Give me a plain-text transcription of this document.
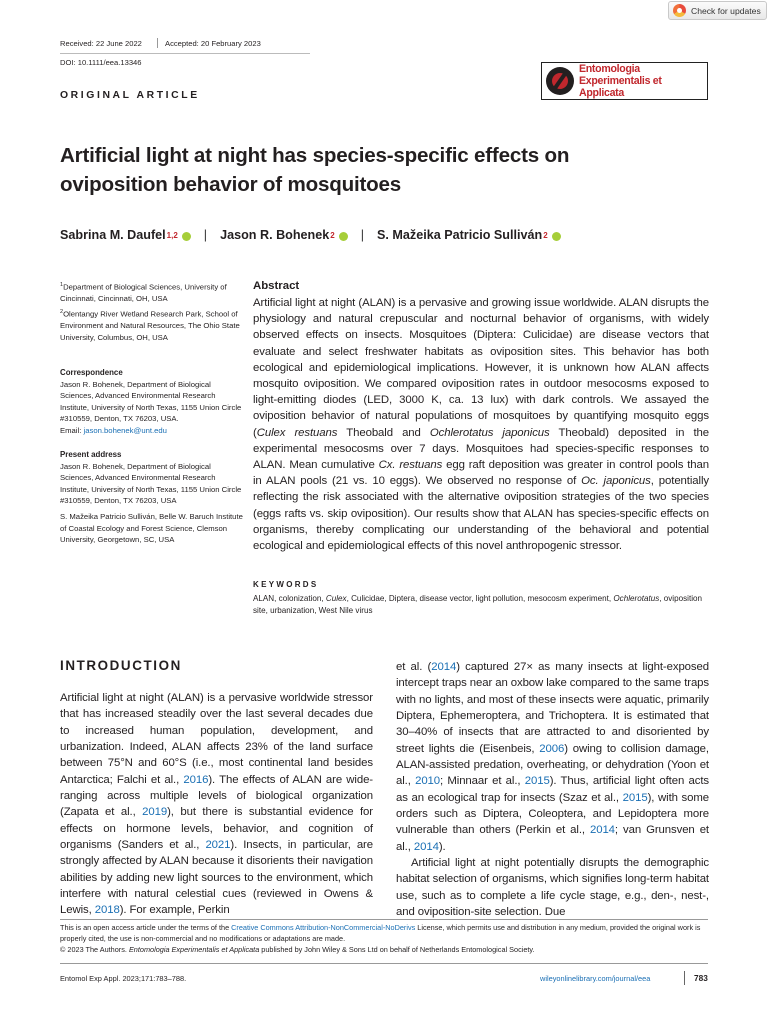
Check for updates
Received: 22 June 2022	Accepted: 20 February 2023
DOI: 10.1111/eea.13346
ORIGINAL ARTICLE
Entomologia
Experimentalis et Applicata
Artificial light at night has species-specific effects on oviposition behavior of mosquitoes
Sabrina M. Daufel 1,2 | Jason R. Bohenek 2 | S. Mažeika Patricio Sulliván 2
$^1$Department of Biological Sciences, University of Cincinnati, Cincinnati, OH, USA
$^2$Olentangy River Wetland Research Park, School of Environment and Natural Resources, The Ohio State University, Columbus, OH, USA
Correspondence
Jason R. Bohenek, Department of Biological Sciences, Advanced Environmental Research Institute, University of North Texas, 1155 Union Circle #310559, Denton, TX 76203, USA.
Email: jason.bohenek@unt.edu
Present address
Jason R. Bohenek, Department of Biological Sciences, Advanced Environmental Research Institute, University of North Texas, 1155 Union Circle #310559, Denton, TX 76203, USA
S. Mažeika Patricio Sulliván, Belle W. Baruch Institute of Coastal Ecology and Forest Science, Clemson University, Georgetown, SC, USA
Abstract
Artificial light at night (ALAN) is a pervasive and growing issue worldwide. ALAN disrupts the physiology and natural crepuscular and nocturnal behavior of organisms, with widely observed effects on insects. Mosquitoes (Diptera: Culicidae) are disease vectors that evaluate and select freshwater habitats as oviposition sites. This behavior has both ecological and epidemiological implications. However, it is unknown how ALAN affects mosquito oviposition. We compared oviposition rates in outdoor mesocosms exposed to light-emitting diodes (LED, 3000 K, ca. 13 lux) with dark controls. We assayed the oviposition behavior of natural populations of mosquitoes by quantifying mosquito eggs (Culex restuans Theobald and Ochlerotatus japonicus Theobald) deposited in the experimental mesocosms over 7 days. Mosquitoes had species-specific responses to ALAN. Mean cumulative Cx. restuans egg raft deposition was greater in control pools than in ALAN pools (21 vs. 10 eggs). We observed no response of Oc. japonicus, potentially reflecting the risk associated with the alternative oviposition strategies of the two species (eggs rafts vs. skip oviposition). Our results show that ALAN has species-specific effects on organisms, thereby complicating our understanding of the behavioral and potential ecological and epidemiological effects of this novel anthropogenic stressor.
KEYWORDS
ALAN, colonization, Culex, Culicidae, Diptera, disease vector, light pollution, mesocosm experiment, Ochlerotatus, oviposition site, urbanization, West Nile virus
INTRODUCTION

Artificial light at night (ALAN) is a pervasive worldwide stressor that has increased steadily over the last several decades due to increased human population, development, and urbanization. Indeed, ALAN affects 23% of the land surface between 75°N and 60°S (i.e., most continental land besides Antarctica; Falchi et al., 2016). The effects of ALAN are wide-ranging across multiple levels of biological organization (Zapata et al., 2019), but there is substantial evidence for effects on hormone levels, behavior, and cognition of organisms (Sanders et al., 2021). Insects, in particular, are strongly affected by ALAN because it disorients their navigation abilities by adding new light sources to the environment, which interfere with natural celestial cues (reviewed in Owens & Lewis, 2018). For example, Perkin

et al. (2014) captured 27× as many insects at light-exposed intercept traps near an oxbow lake compared to the same traps with no lights, and most of these insects were aquatic, primarily Diptera, Ephemeroptera, and Trichoptera. It is estimated that 30–40% of insects that are attracted to and disoriented by street lights die (Eisenbeis, 2006) owing to collision damage, ALAN-assisted predation, overheating, or dehydration (Yoon et al., 2010; Minnaar et al., 2015). Thus, artificial light often acts as an ecological trap for insects (Szaz et al., 2015), with some orders such as Diptera, Coleoptera, and Lepidoptera more vulnerable than others (Perkin et al., 2014; van Grunsven et al., 2014).

Artificial light at night potentially disrupts the demographic habitat selection of organisms, which signifies long-term habitat use, such as to complete a life cycle stage, e.g., den-, nest-, and oviposition-site selection. Due

This is an open access article under the terms of the Creative Commons Attribution-NonCommercial-NoDerivs License, which permits use and distribution in any medium, provided the original work is properly cited, the use is non-commercial and no modifications or adaptations are made.
© 2023 The Authors. Entomologia Experimentalis et Applicata published by John Wiley & Sons Ltd on behalf of Netherlands Entomological Society.
Entomol Exp Appl. 2023;171:783–788.	wileyonlinelibrary.com/journal/eea	783
